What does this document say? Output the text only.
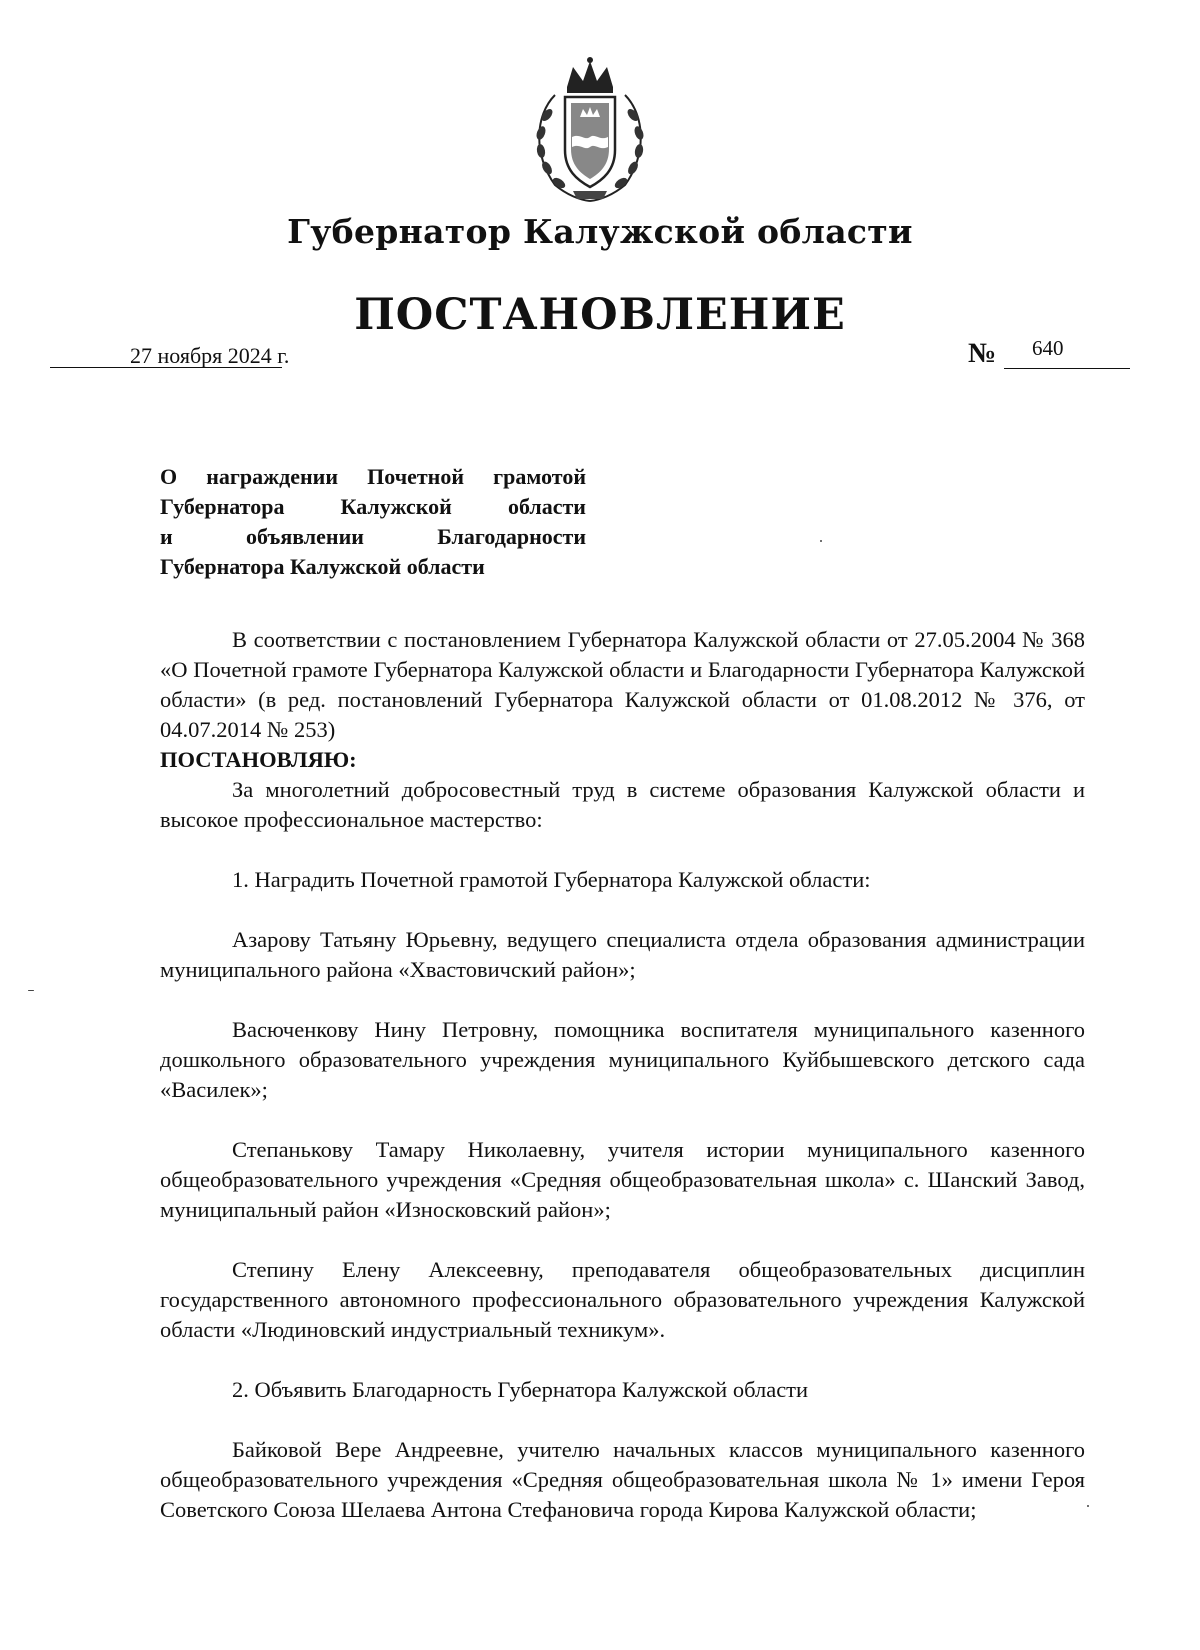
Губернатор Калужской области
ПОСТАНОВЛЕНИЕ
27 ноября 2024 г.	№ 640
О награждении Почетной грамотой
Губернатора Калужской области
и объявлении Благодарности
Губернатора Калужской области

В соответствии с постановлением Губернатора Калужской области от 27.05.2004 № 368 «О Почетной грамоте Губернатора Калужской области и Благодарности Губернатора Калужской области» (в ред. постановлений Губернатора Калужской области от 01.08.2012 № 376, от 04.07.2014 № 253)

ПОСТАНОВЛЯЮ:

За многолетний добросовестный труд в системе образования Калужской области и высокое профессиональное мастерство:

1. Наградить Почетной грамотой Губернатора Калужской области:

Азарову Татьяну Юрьевну, ведущего специалиста отдела образования администрации муниципального района «Хвастовичский район»;

Васюченкову Нину Петровну, помощника воспитателя муниципального казенного дошкольного образовательного учреждения муниципального Куйбышевского детского сада «Василек»;

Степанькову Тамару Николаевну, учителя истории муниципального казенного общеобразовательного учреждения «Средняя общеобразовательная школа» с. Шанский Завод, муниципальный район «Износковский район»;

Степину Елену Алексеевну, преподавателя общеобразовательных дисциплин государственного автономного профессионального образовательного учреждения Калужской области «Людиновский индустриальный техникум».

2. Объявить Благодарность Губернатора Калужской области

Байковой Вере Андреевне, учителю начальных классов муниципального казенного общеобразовательного учреждения «Средняя общеобразовательная школа № 1» имени Героя Советского Союза Шелаева Антона Стефановича города Кирова Калужской области;
